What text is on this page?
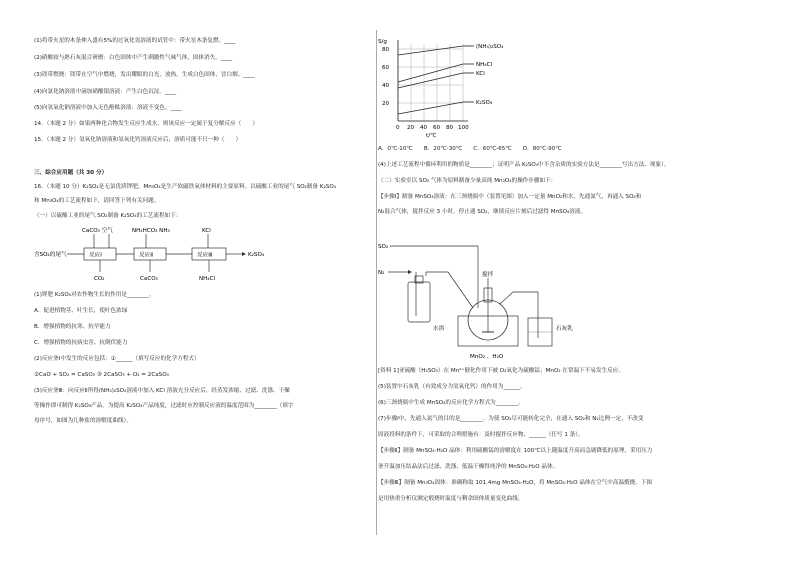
(1)将带火星的木条伸入盛有5%的过氧化氢溶液的试管中：带火星木条复燃。____
(2)硝酸铵与熟石灰混合研磨：白色固体中产生刺激性气味气体，固体消失。____
(3)镁带燃烧：镁带在空气中燃烧，发出耀眼的白光，放热，生成白色固体，冒白烟。____
(4)向氯化钠溶液中滴加硝酸银溶液：产生白色沉淀。____
(5)向氢氧化钠溶液中加入无色酚酞溶液：溶液不变色。____
14．（本题 2 分）如果两种化合物发生反应生成水，则该反应一定属于复分解反应（　　）
15．（本题 2 分）氢氧化钠溶液和氢氧化钙溶液反应后，溶质可能不只一种（　　）
三、综合应用题（共 30 分）
16．（本题 10 分）K₂SO₄是无氯优质钾肥，Mn₃O₄是生产软磁铁氧体材料的主要原料。以硫酸工业的尾气 SO₂制备 K₂SO₄
和 Mn₃O₄的工艺流程如下，请回答下列有关问题。
（一）以硫酸工业的尾气 SO₂制备 K₂SO₄的工艺流程如下：
CaCO₃ 空气	NH₄HCO₃ NH₃	KCl
含SO₂的尾气	反应Ⅰ	反应Ⅱ	反应Ⅲ	K₂SO₄
CO₂	CaCO₃	NH₄Cl
(1)钾肥 K₂SO₄对农作物生长的作用是________。
A．促进植物茎、叶生长，使叶色浓绿
B．增强植物的抗寒、抗旱能力
C．增强植物的抗病虫害、抗倒伏能力
(2)反应釜Ⅰ中发生的反应包括：①______（填写反应的化学方程式）
②CaO + SO₂ = CaSO₃ ③ 2CaSO₃ + O₂ = 2CaSO₄
(3)反应釜Ⅲ：向反应Ⅱ所得(NH₄)₂SO₄溶液中加入 KCl 溶液充分反应后，经蒸发浓缩、过滤、洗涤、干燥
等操作即可制得 K₂SO₄产品。为提高 K₂SO₄产品纯度，过滤时应控制反应液的温度范围为________（填字
母序号，如图为几种盐的溶解度曲线）。
S/g
20
40
60
80
0 20 40 60 80 100
t/℃
(NH₄)₂SO₄
NH₄Cl
KCl
K₂SO₄
A．0℃-10℃　　B．20℃-30℃　　C．60℃-65℃　　D．80℃-90℃
(4)上述工艺流程中循环利用的物质是________；证明产品 K₂SO₄中不含杂质的实验方法是________写出方法、现象）。
（二）实验室以 SO₂ 气体为原料制备少量高纯 Mn₃O₄的操作步骤如下：
【步骤Ⅰ】制备 MnSO₄溶液：在三颈烧瓶中（装置见图）加入一定量 MnO₂和水，先通氮气，再通入 SO₂和
N₂混合气体，搅拌反应 3 小时。停止通 SO₂，继续反应片刻后过滤得 MnSO₄溶液。
SO₂
N₂	搅拌
水浴
MnO₂ 、H₂O
石灰乳
[资料 1]亚硫酸（H₂SO₃）在 Mn²⁺催化作用下被 O₂氧化为硫酸锰；MnO₂ 在常温下不易发生反应。
(5)装置中石灰乳（有效成分为氢氧化钙）的作用为______。
(6)三颈烧瓶中生成 MnSO₄的反应化学方程式为________。
(7)步骤Ⅰ中，先通入氮气的目的是________。为使 SO₂尽可能转化完全，在通入 SO₂和 N₂比例一定、不改变
固液投料的条件下，可采取的合理措施有：及时搅拌反应物、______（任写 1 条）。
【步骤Ⅱ】制备 MnSO₄·H₂O 晶体：利用硫酸锰的溶解度在 100℃以上随温度升高而急剧降低的原理，采用压力
釜升温加压结晶法后过滤、洗涤、低温干燥得纯净的 MnSO₄·H₂O 晶体。
【步骤Ⅲ】制备 Mn₃O₄固体：准确称取 101.4mg MnSO₄·H₂O，将 MnSO₄·H₂O 晶体在空气中高温煅烧，下图
是用热重分析仪测定煅烧时温度与剩余固体质量变化曲线。
